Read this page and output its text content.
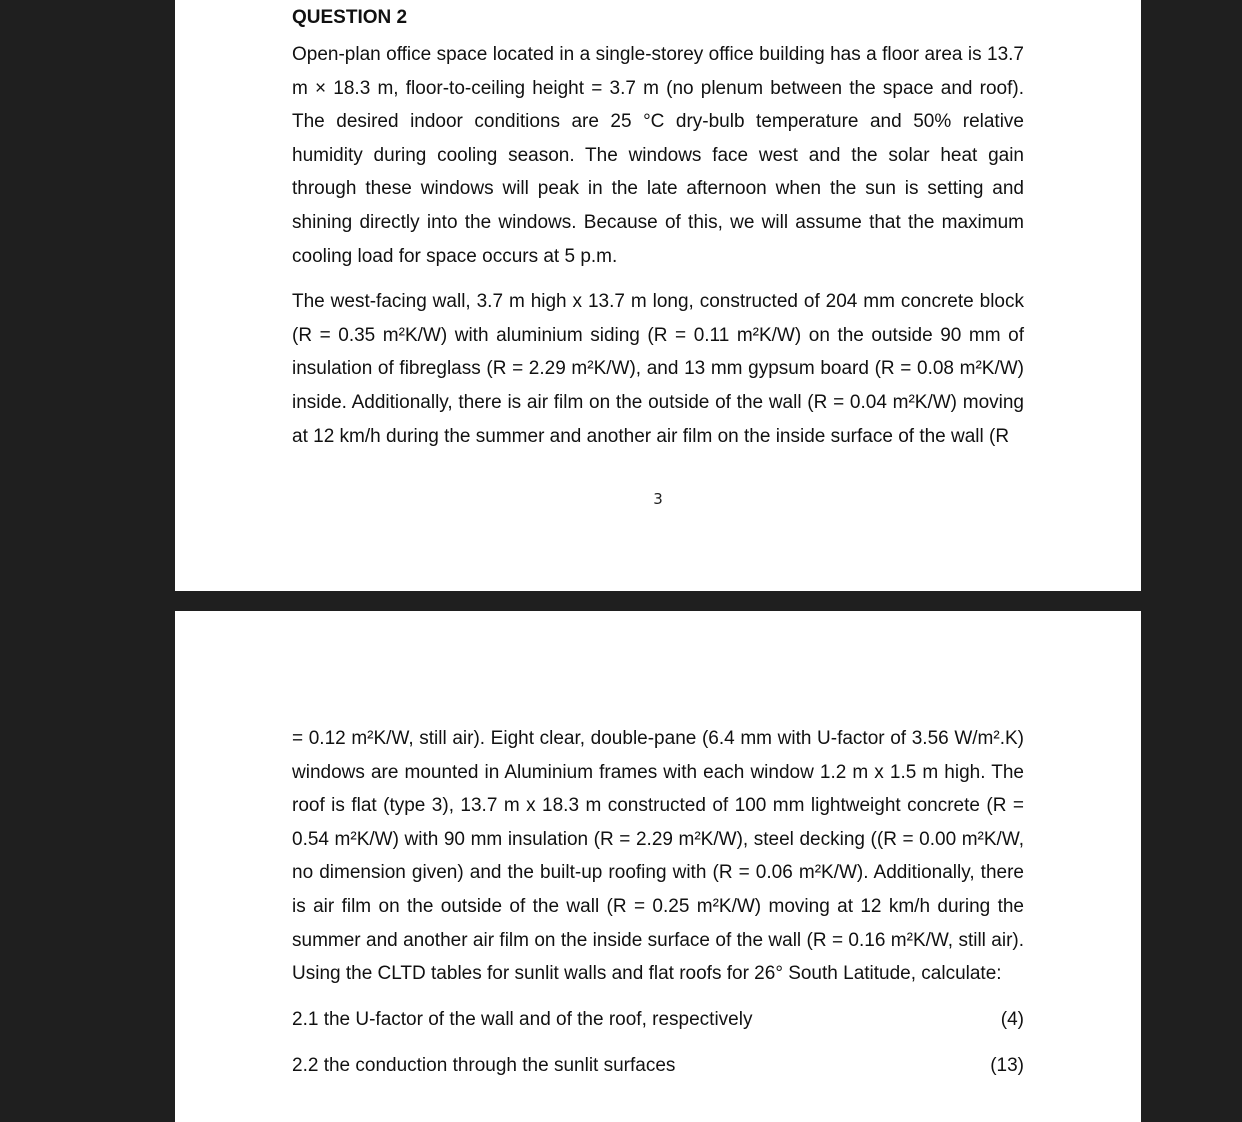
QUESTION 2

Open-plan office space located in a single-storey office building has a floor area is 13.7 m × 18.3 m, floor-to-ceiling height = 3.7 m (no plenum between the space and roof). The desired indoor conditions are 25 °C dry-bulb temperature and 50% relative humidity during cooling season. The windows face west and the solar heat gain through these windows will peak in the late afternoon when the sun is setting and shining directly into the windows. Because of this, we will assume that the maximum cooling load for space occurs at 5 p.m.

The west-facing wall, 3.7 m high x 13.7 m long, constructed of 204 mm concrete block (R = 0.35 m²K/W) with aluminium siding (R = 0.11 m²K/W) on the outside 90 mm of insulation of fibreglass (R = 2.29 m²K/W), and 13 mm gypsum board (R = 0.08 m²K/W) inside. Additionally, there is air film on the outside of the wall (R = 0.04 m²K/W) moving at 12 km/h during the summer and another air film on the inside surface of the wall (R

3

= 0.12 m²K/W, still air). Eight clear, double-pane (6.4 mm with U-factor of 3.56 W/m².K) windows are mounted in Aluminium frames with each window 1.2 m x 1.5 m high. The roof is flat (type 3), 13.7 m x 18.3 m constructed of 100 mm lightweight concrete (R = 0.54 m²K/W) with 90 mm insulation (R = 2.29 m²K/W), steel decking ((R = 0.00 m²K/W, no dimension given) and the built-up roofing with (R = 0.06 m²K/W). Additionally, there is air film on the outside of the wall (R = 0.25 m²K/W) moving at 12 km/h during the summer and another air film on the inside surface of the wall (R = 0.16 m²K/W, still air). Using the CLTD tables for sunlit walls and flat roofs for 26° South Latitude, calculate:

2.1 the U-factor of the wall and of the roof, respectively	(4)
2.2 the conduction through the sunlit surfaces	(13)
